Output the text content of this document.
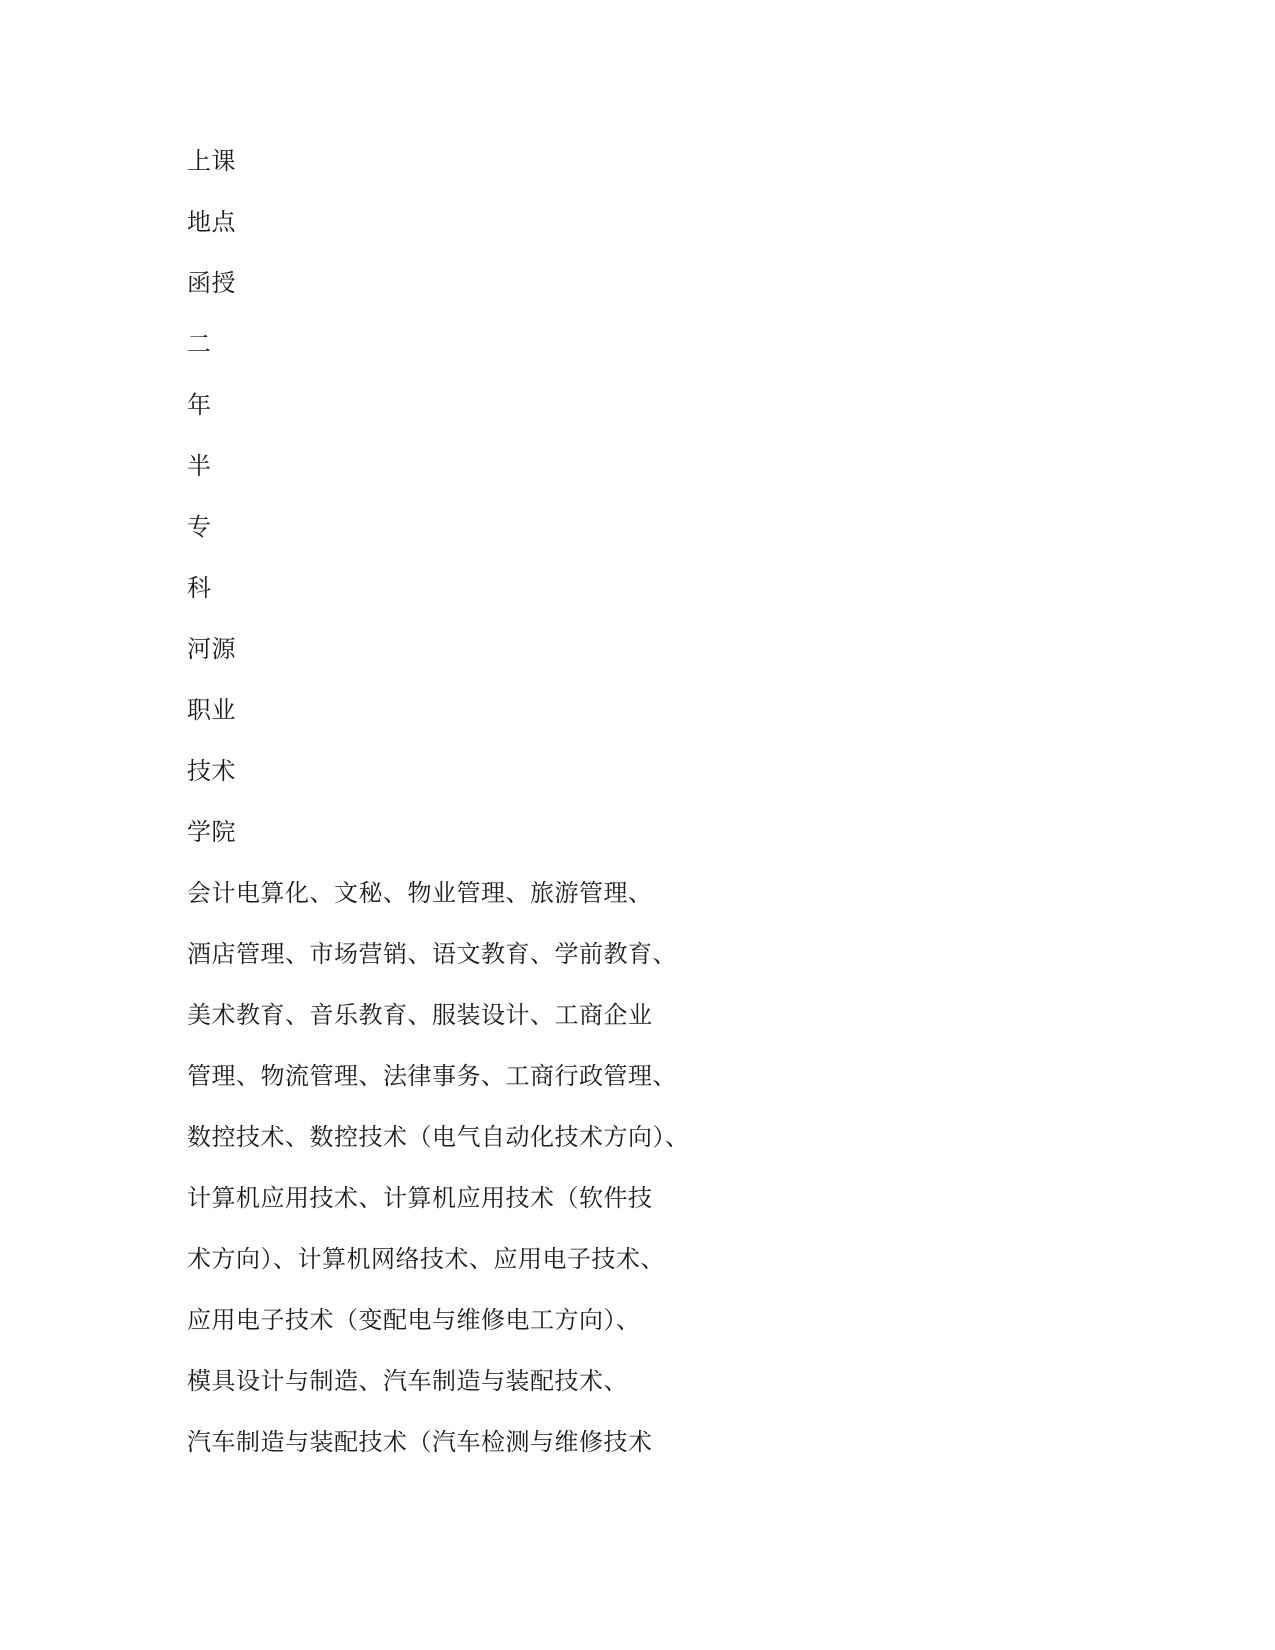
上课
地点
函授
二
年
半
专
科
河源
职业
技术
学院
会计电算化、文秘、物业管理、旅游管理、
酒店管理、市场营销、语文教育、学前教育、
美术教育、音乐教育、服装设计、工商企业
管理、物流管理、法律事务、工商行政管理、
数控技术、数控技术（电气自动化技术方向）、
计算机应用技术、计算机应用技术（软件技
术方向）、计算机网络技术、应用电子技术、
应用电子技术（变配电与维修电工方向）、
模具设计与制造、汽车制造与装配技术、
汽车制造与装配技术（汽车检测与维修技术
